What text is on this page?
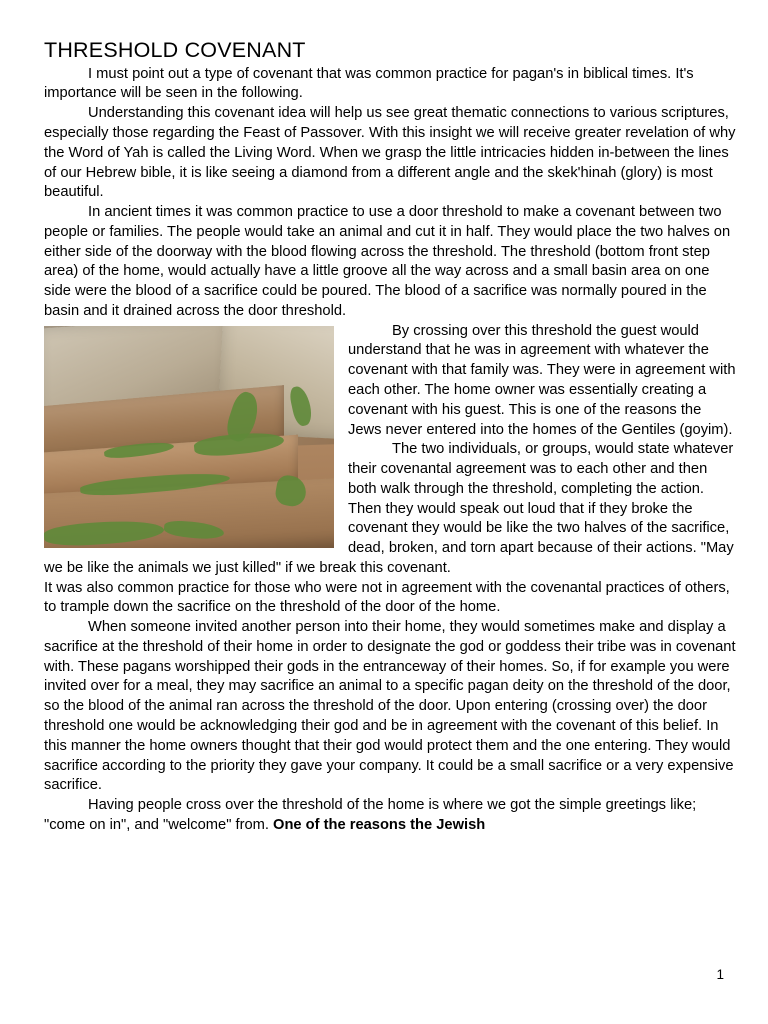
THRESHOLD COVENANT

I must point out a type of covenant that was common practice for pagan's in biblical times. It's importance will be seen in the following.

Understanding this covenant idea will help us see great thematic connections to various scriptures, especially those regarding the Feast of Passover. With this insight we will receive greater revelation of why the Word of Yah is called the Living Word. When we grasp the little intricacies hidden in-between the lines of our Hebrew bible, it is like seeing a diamond from a different angle and the skek'hinah (glory) is most beautiful.

In ancient times it was common practice to use a door threshold to make a covenant between two people or families. The people would take an animal and cut it in half. They would place the two halves on either side of the doorway with the blood flowing across the threshold. The threshold (bottom front step area) of the home, would actually have a little groove all the way across and a small basin area on one side were the blood of a sacrifice could be poured. The blood of a sacrifice was normally poured in the basin and it drained across the door threshold.

By crossing over this threshold the guest would understand that he was in agreement with whatever the covenant with that family was. They were in agreement with each other. The home owner was essentially creating a covenant with his guest. This is one of the reasons the Jews never entered into the homes of the Gentiles (goyim).

The two individuals, or groups, would state whatever their covenantal agreement was to each other and then both walk through the threshold, completing the action. Then they would speak out loud that if they broke the covenant they would be like the two halves of the sacrifice, dead, broken, and torn apart because of their actions. "May we be like the animals we just killed" if we break this covenant.

It was also common practice for those who were not in agreement with the covenantal practices of others, to trample down the sacrifice on the threshold of the door of the home.

When someone invited another person into their home, they would sometimes make and display a sacrifice at the threshold of their home in order to designate the god or goddess their tribe was in covenant with. These pagans worshipped their gods in the entranceway of their homes. So, if for example you were invited over for a meal, they may sacrifice an animal to a specific pagan deity on the threshold of the door, so the blood of the animal ran across the threshold of the door. Upon entering (crossing over) the door threshold one would be acknowledging their god and be in agreement with the covenant of this belief. In this manner the home owners thought that their god would protect them and the one entering. They would sacrifice according to the priority they gave your company. It could be a small sacrifice or a very expensive sacrifice.

Having people cross over the threshold of the home is where we got the simple greetings like; "come on in", and "welcome" from. One of the reasons the Jewish

1
